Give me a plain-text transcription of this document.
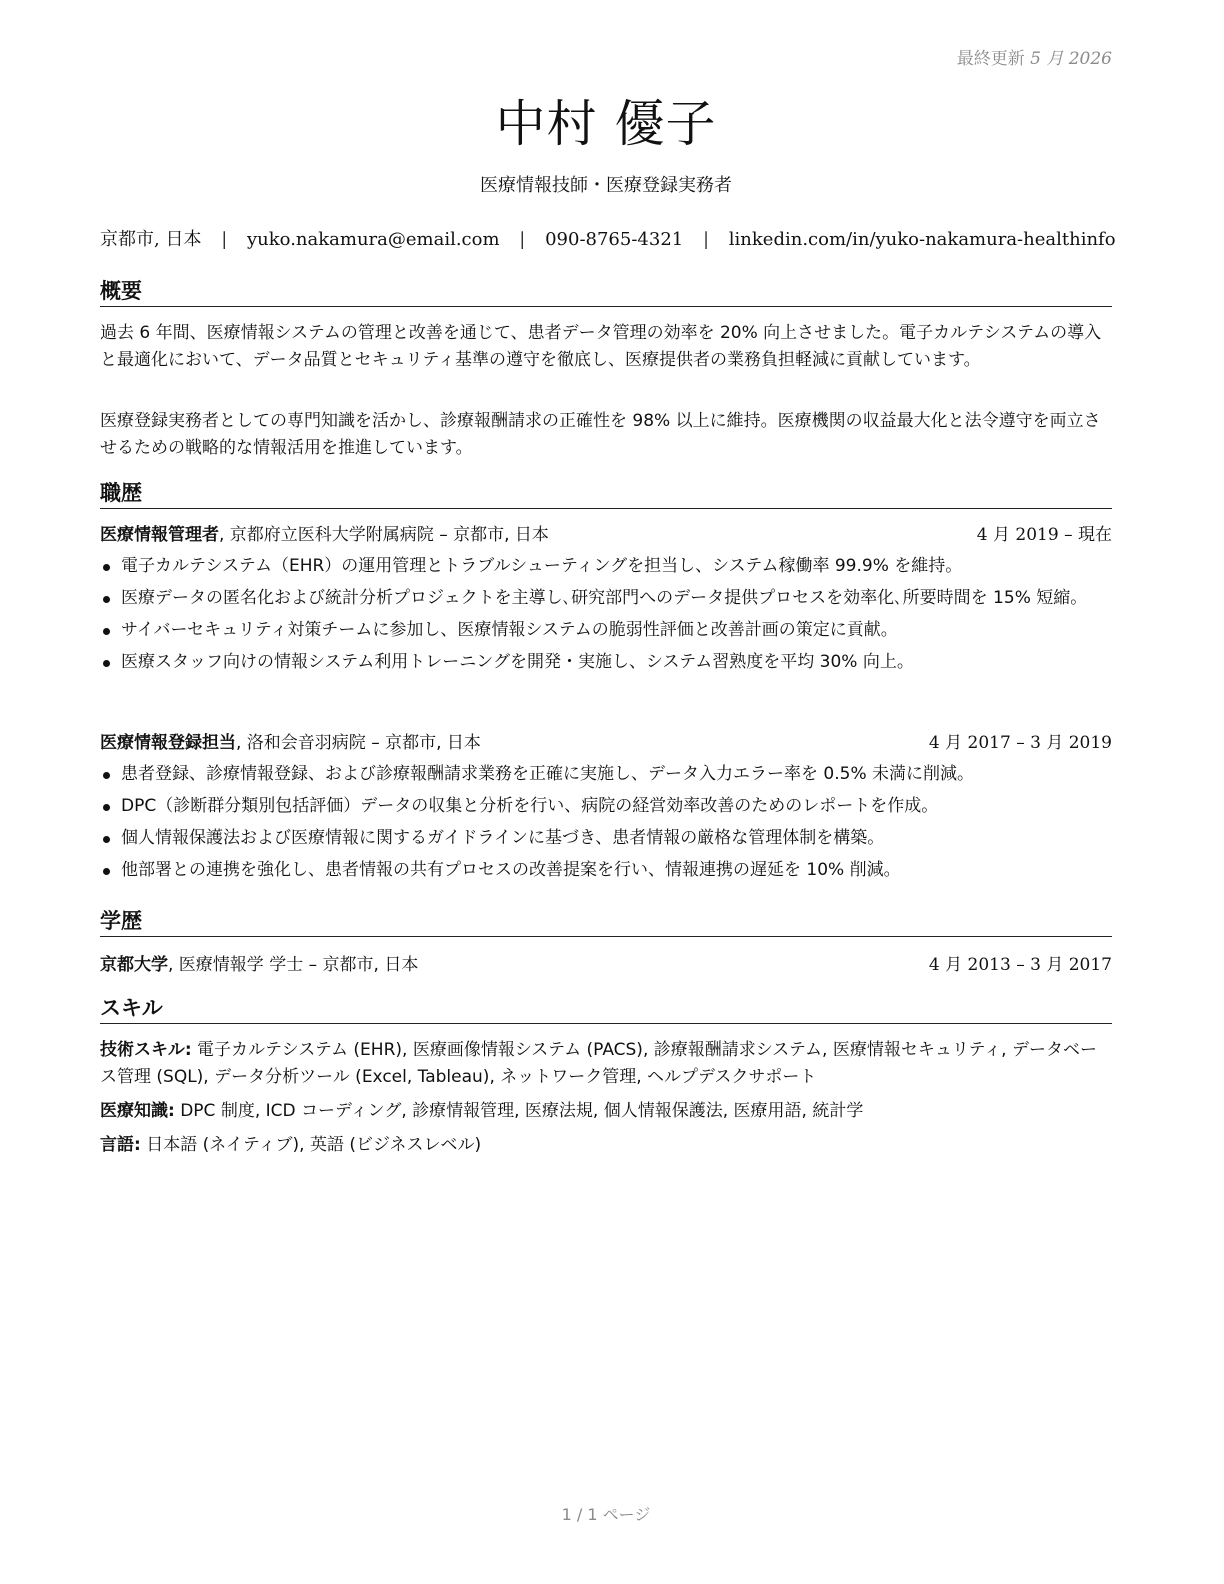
最終更新 5 月 2026
中村 優子
医療情報技師・医療登録実務者
京都市, 日本 | yuko.nakamura@email.com | 090-8765-4321 | linkedin.com/in/yuko-nakamura-healthinfo
概要
過去 6 年間、医療情報システムの管理と改善を通じて、患者データ管理の効率を 20% 向上させました。電子カルテシステムの導入と最適化において、データ品質とセキュリティ基準の遵守を徹底し、医療提供者の業務負担軽減に貢献しています。
医療登録実務者としての専門知識を活かし、診療報酬請求の正確性を 98% 以上に維持。医療機関の収益最大化と法令遵守を両立させるための戦略的な情報活用を推進しています。
職歴
医療情報管理者, 京都府立医科大学附属病院 – 京都市, 日本	4 月 2019 – 現在
電子カルテシステム（EHR）の運用管理とトラブルシューティングを担当し、システム稼働率 99.9% を維持。
医療データの匿名化および統計分析プロジェクトを主導し､研究部門へのデータ提供プロセスを効率化､所要時間を 15% 短縮。
サイバーセキュリティ対策チームに参加し、医療情報システムの脆弱性評価と改善計画の策定に貢献。
医療スタッフ向けの情報システム利用トレーニングを開発・実施し、システム習熟度を平均 30% 向上。
医療情報登録担当, 洛和会音羽病院 – 京都市, 日本	4 月 2017 – 3 月 2019
患者登録、診療情報登録、および診療報酬請求業務を正確に実施し、データ入力エラー率を 0.5% 未満に削減。
DPC（診断群分類別包括評価）データの収集と分析を行い、病院の経営効率改善のためのレポートを作成。
個人情報保護法および医療情報に関するガイドラインに基づき、患者情報の厳格な管理体制を構築。
他部署との連携を強化し、患者情報の共有プロセスの改善提案を行い、情報連携の遅延を 10% 削減。
学歴
京都大学, 医療情報学 学士 – 京都市, 日本	4 月 2013 – 3 月 2017
スキル
技術スキル: 電子カルテシステム (EHR), 医療画像情報システム (PACS), 診療報酬請求システム, 医療情報セキュリティ, データベース管理 (SQL), データ分析ツール (Excel, Tableau), ネットワーク管理, ヘルプデスクサポート
医療知識: DPC 制度, ICD コーディング, 診療情報管理, 医療法規, 個人情報保護法, 医療用語, 統計学
言語: 日本語 (ネイティブ), 英語 (ビジネスレベル)
1 / 1 ページ
